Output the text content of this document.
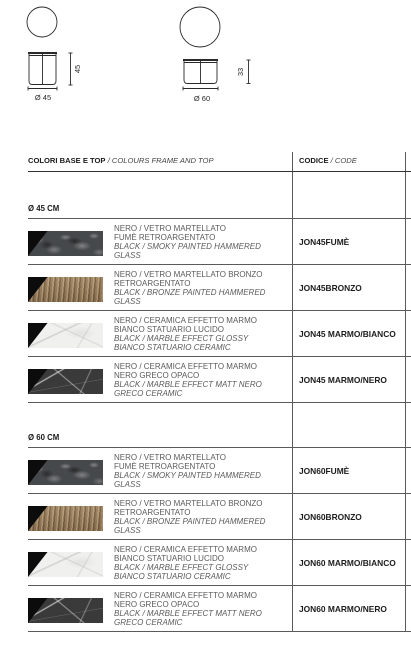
45
Ø 45
33
Ø 60
COLORI BASE E TOP / COLOURS FRAME AND TOP	CODICE
/ CODE
Ø 45 CM
NERO / VETRO MARTELLATO
FUMÈ RETROARGENTATO
BLACK / SMOKY PAINTED HAMMERED
GLASS
JON45FUMÈ
NERO / VETRO MARTELLATO BRONZO
RETROARGENTATO
BLACK / BRONZE PAINTED HAMMERED
GLASS
JON45BRONZO
NERO / CERAMICA EFFETTO MARMO
BIANCO STATUARIO LUCIDO
BLACK / MARBLE EFFECT GLOSSY
BIANCO STATUARIO CERAMIC
JON45 MARMO/BIANCO
NERO / CERAMICA EFFETTO MARMO
NERO GRECO OPACO
BLACK / MARBLE EFFECT MATT NERO
GRECO CERAMIC
JON45 MARMO/NERO
Ø 60 CM
NERO / VETRO MARTELLATO
FUMÈ RETROARGENTATO
BLACK / SMOKY PAINTED HAMMERED
GLASS
JON60FUMÈ
NERO / VETRO MARTELLATO BRONZO
RETROARGENTATO
BLACK / BRONZE PAINTED HAMMERED
GLASS
JON60BRONZO
NERO / CERAMICA EFFETTO MARMO
BIANCO STATUARIO LUCIDO
BLACK / MARBLE EFFECT GLOSSY
BIANCO STATUARIO CERAMIC
JON60 MARMO/BIANCO
NERO / CERAMICA EFFETTO MARMO
NERO GRECO OPACO
BLACK / MARBLE EFFECT MATT NERO
GRECO CERAMIC
JON60 MARMO/NERO
